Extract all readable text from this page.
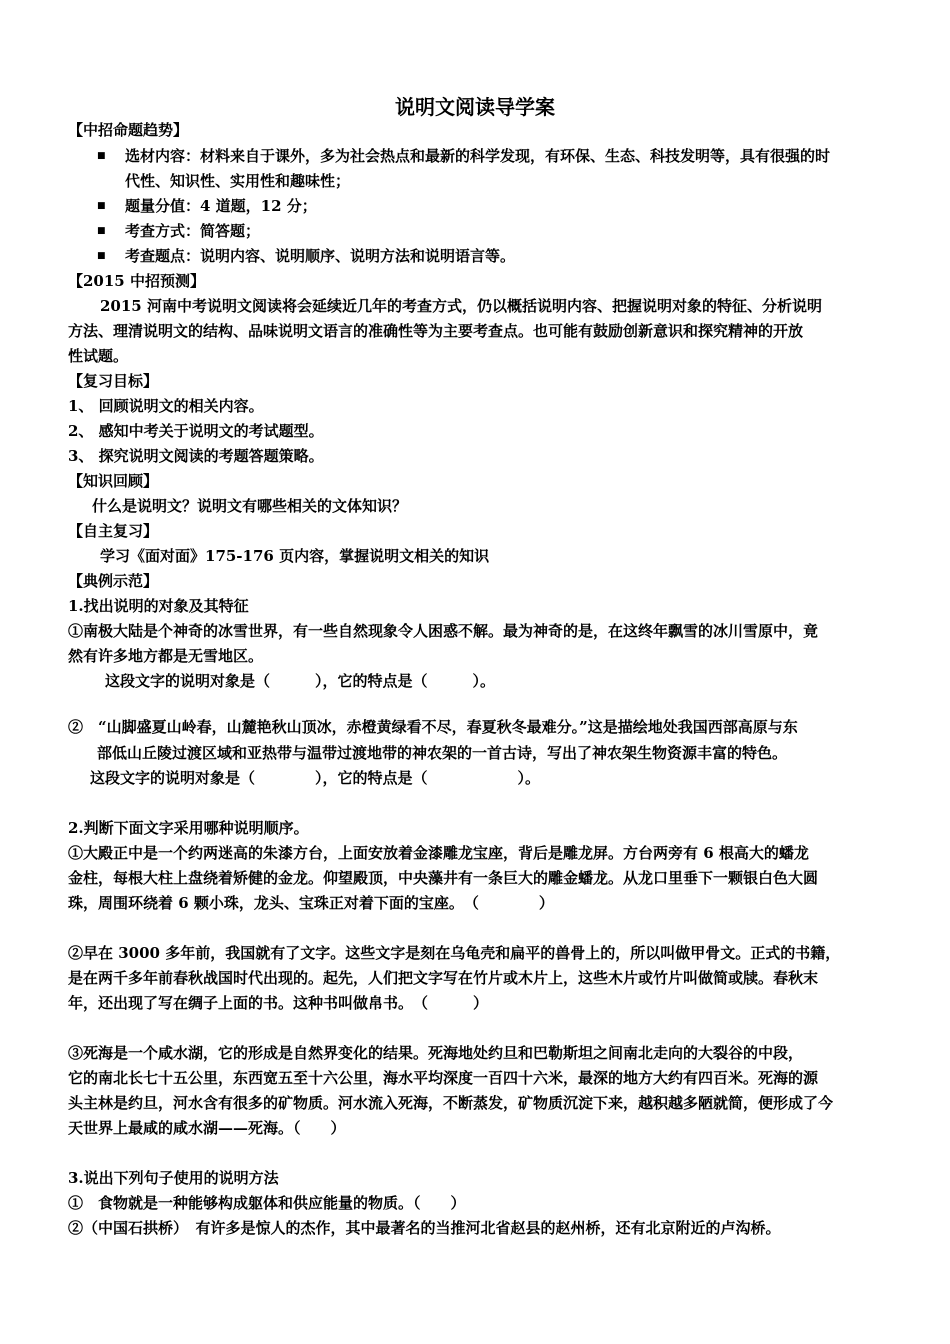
说明文阅读导学案
【中招命题趋势】
■ 选材内容：材料来自于课外，多为社会热点和最新的科学发现，有环保、生态、科技发明等，具有很强的时
代性、知识性、实用性和趣味性；
■ 题量分值：4 道题，12 分；
■ 考查方式：简答题；
■ 考查题点：说明内容、说明顺序、说明方法和说明语言等。
【2015 中招预测】
2015 河南中考说明文阅读将会延续近几年的考查方式，仍以概括说明内容、把握说明对象的特征、分析说明
方法、理清说明文的结构、品味说明文语言的准确性等为主要考查点。也可能有鼓励创新意识和探究精神的开放
性试题。
【复习目标】
1、 回顾说明文的相关内容。
2、 感知中考关于说明文的考试题型。
3、 探究说明文阅读的考题答题策略。
【知识回顾】
什么是说明文？说明文有哪些相关的文体知识？
【自主复习】
学习《面对面》175-176 页内容，掌握说明文相关的知识
【典例示范】
1.找出说明的对象及其特征
①南极大陆是个神奇的冰雪世界，有一些自然现象令人困惑不解。最为神奇的是，在这终年飘雪的冰川雪原中，竟
然有许多地方都是无雪地区。
这段文字的说明对象是（　　　），它的特点是（　　　）。
②　“山脚盛夏山岭春，山麓艳秋山顶冰，赤橙黄绿看不尽，春夏秋冬最难分。”这是描绘地处我国西部高原与东
部低山丘陵过渡区域和亚热带与温带过渡地带的神农架的一首古诗，写出了神农架生物资源丰富的特色。
这段文字的说明对象是（　　　　），它的特点是（　　　　　　）。
2.判断下面文字采用哪种说明顺序。
①大殿正中是一个约两迷高的朱漆方台，上面安放着金漆雕龙宝座，背后是雕龙屏。方台两旁有 6 根高大的蟠龙
金柱，每根大柱上盘绕着矫健的金龙。仰望殿顶，中央藻井有一条巨大的雕金蟠龙。从龙口里垂下一颗银白色大圆
珠，周围环绕着 6 颗小珠，龙头、宝珠正对着下面的宝座。　（　　　　）
②早在 3000 多年前，我国就有了文字。这些文字是刻在乌龟壳和扁平的兽骨上的，所以叫做甲骨文。正式的书籍，
是在两千多年前春秋战国时代出现的。起先，人们把文字写在竹片或木片上，这些木片或竹片叫做简或牍。春秋末
年，还出现了写在绸子上面的书。这种书叫做帛书。　（　　　）
③死海是一个咸水湖，它的形成是自然界变化的结果。死海地处约旦和巴勒斯坦之间南北走向的大裂谷的中段，
它的南北长七十五公里，东西宽五至十六公里，海水平均深度一百四十六米，最深的地方大约有四百米。死海的源
头主林是约旦，河水含有很多的矿物质。河水流入死海，不断蒸发，矿物质沉淀下来，越积越多陋就简，便形成了今
天世界上最咸的咸水湖——死海。（　　）
3.说出下列句子使用的说明方法
①　食物就是一种能够构成躯体和供应能量的物质。（　　）
②（中国石拱桥）　有许多是惊人的杰作，其中最著名的当推河北省赵县的赵州桥，还有北京附近的卢沟桥。
